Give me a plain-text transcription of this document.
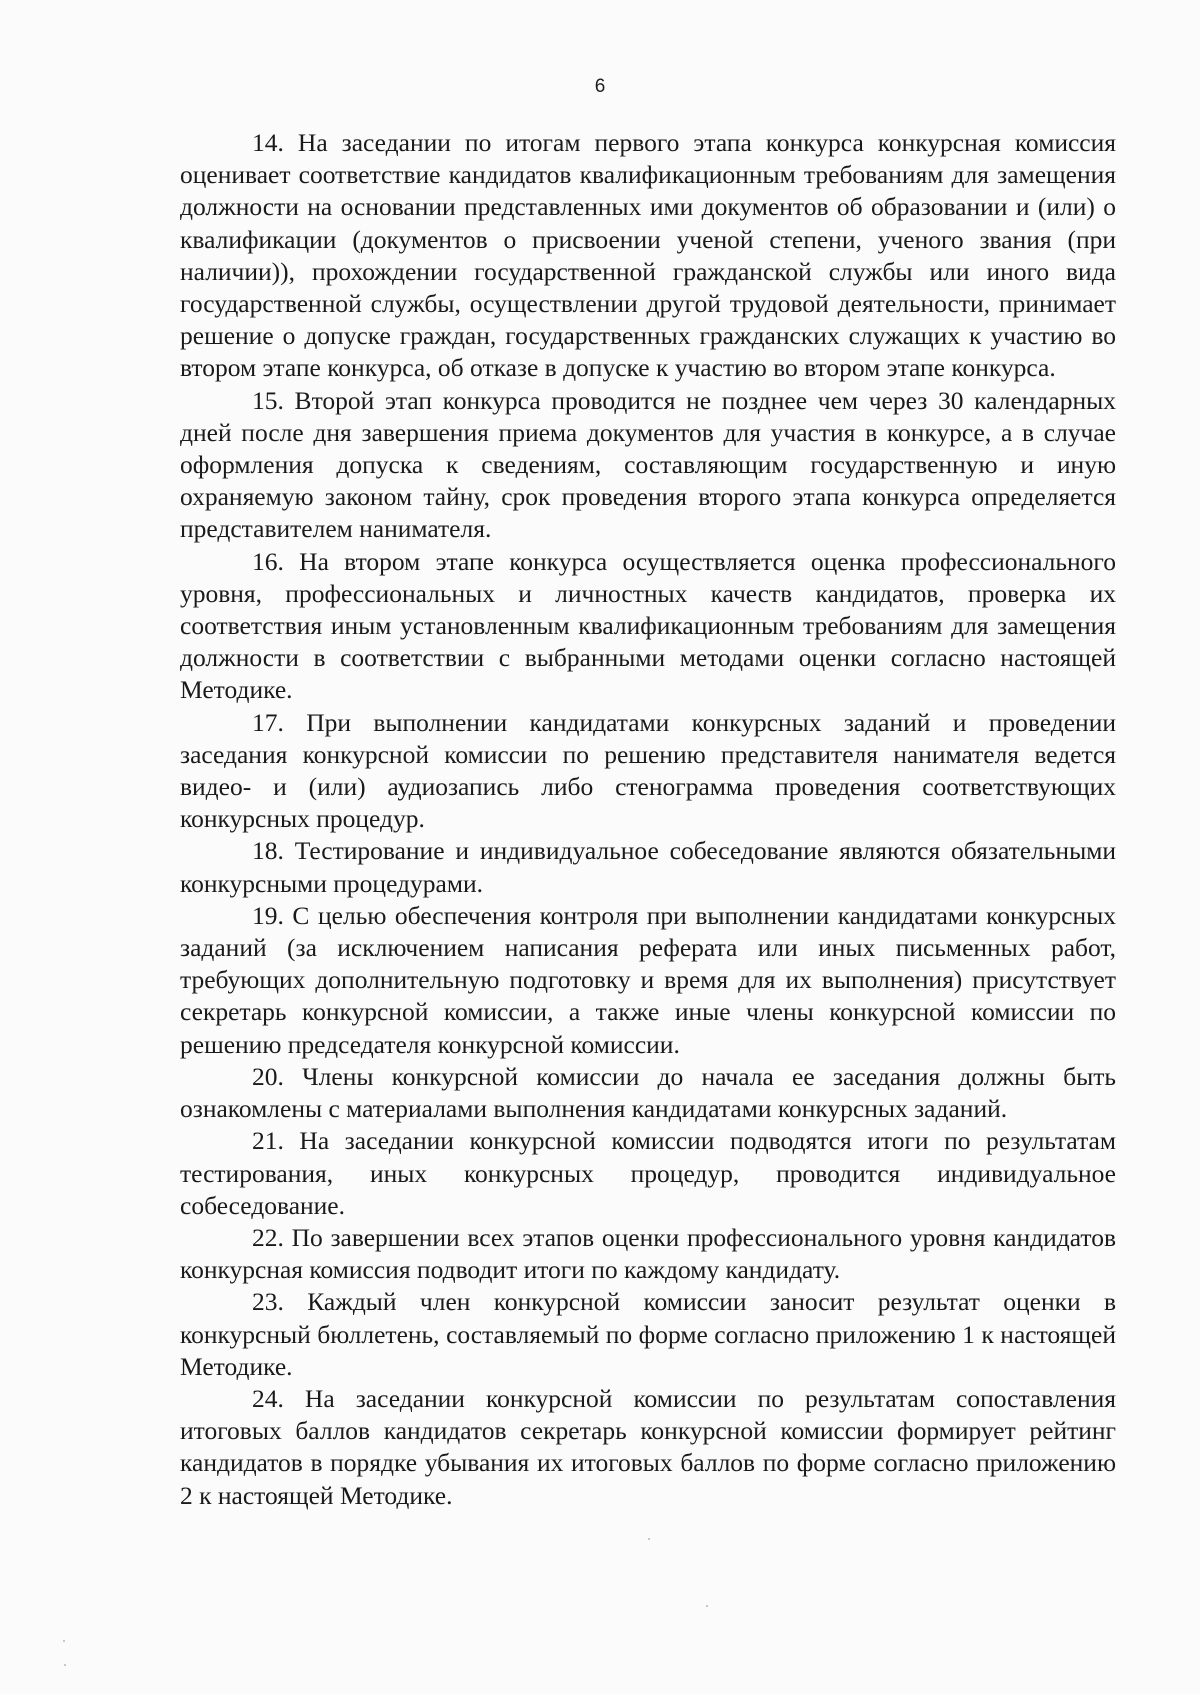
6

14. На заседании по итогам первого этапа конкурса конкурсная комиссия оценивает соответствие кандидатов квалификационным требованиям для замещения должности на основании представленных ими документов об образовании и (или) о квалификации (документов о присвоении ученой степени, ученого звания (при наличии)), прохождении государственной гражданской службы или иного вида государственной службы, осуществлении другой трудовой деятельности, принимает решение о допуске граждан, государственных гражданских служащих к участию во втором этапе конкурса, об отказе в допуске к участию во втором этапе конкурса.

15. Второй этап конкурса проводится не позднее чем через 30 календарных дней после дня завершения приема документов для участия в конкурсе, а в случае оформления допуска к сведениям, составляющим государственную и иную охраняемую законом тайну, срок проведения второго этапа конкурса определяется представителем нанимателя.

16. На втором этапе конкурса осуществляется оценка профессионального уровня, профессиональных и личностных качеств кандидатов, проверка их соответствия иным установленным квалификационным требованиям для замещения должности в соответствии с выбранными методами оценки согласно настоящей Методике.

17. При выполнении кандидатами конкурсных заданий и проведении заседания конкурсной комиссии по решению представителя нанимателя ведется видео- и (или) аудиозапись либо стенограмма проведения соответствующих конкурсных процедур.

18. Тестирование и индивидуальное собеседование являются обязательными конкурсными процедурами.

19. С целью обеспечения контроля при выполнении кандидатами конкурсных заданий (за исключением написания реферата или иных письменных работ, требующих дополнительную подготовку и время для их выполнения) присутствует секретарь конкурсной комиссии, а также иные члены конкурсной комиссии по решению председателя конкурсной комиссии.

20. Члены конкурсной комиссии до начала ее заседания должны быть ознакомлены с материалами выполнения кандидатами конкурсных заданий.

21. На заседании конкурсной комиссии подводятся итоги по результатам тестирования, иных конкурсных процедур, проводится индивидуальное собеседование.

22. По завершении всех этапов оценки профессионального уровня кандидатов конкурсная комиссия подводит итоги по каждому кандидату.

23. Каждый член конкурсной комиссии заносит результат оценки в конкурсный бюллетень, составляемый по форме согласно приложению 1 к настоящей Методике.

24. На заседании конкурсной комиссии по результатам сопоставления итоговых баллов кандидатов секретарь конкурсной комиссии формирует рейтинг кандидатов в порядке убывания их итоговых баллов по форме согласно приложению 2 к настоящей Методике.
